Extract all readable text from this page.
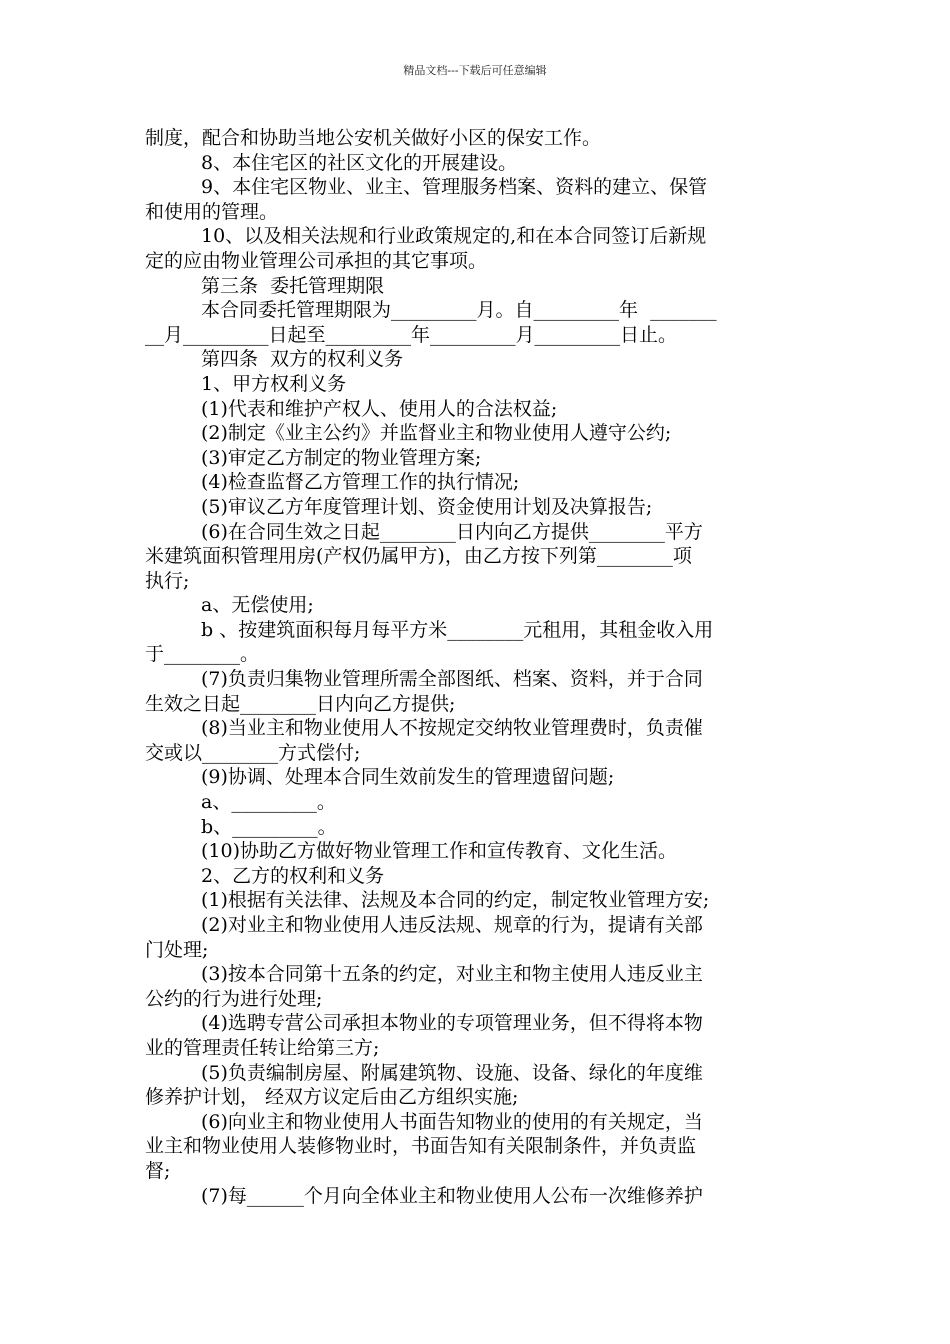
精品文档---下载后可任意编辑

制度，配合和协助当地公安机关做好小区的保安工作。

8、本住宅区的社区文化的开展建设。

9、本住宅区物业、业主、管理服务档案、资料的建立、保管

和使用的管理。

10、以及相关法规和行业政策规定的,和在本合同签订后新规

定的应由物业管理公司承担的其它事项。

第三条  委托管理期限

本合同委托管理期限为_________月。自_________年  _______

__月_________日起至_________年_________月_________日止。

第四条  双方的权利义务

1、甲方权利义务

(1)代表和维护产权人、使用人的合法权益;

(2)制定《业主公约》并监督业主和物业使用人遵守公约;

(3)审定乙方制定的物业管理方案;

(4)检查监督乙方管理工作的执行情况;

(5)审议乙方年度管理计划、资金使用计划及决算报告;

(6)在合同生效之日起________日内向乙方提供________平方

米建筑面积管理用房(产权仍属甲方)，由乙方按下列第________项

执行;

a、无偿使用;

b 、按建筑面积每月每平方米________元租用，其租金收入用

于________。

(7)负责归集物业管理所需全部图纸、档案、资料，并于合同

生效之日起________日内向乙方提供;

(8)当业主和物业使用人不按规定交纳牧业管理费时，负责催

交或以________方式偿付;

(9)协调、处理本合同生效前发生的管理遗留问题;

a、_________。

b、_________。

(10)协助乙方做好物业管理工作和宣传教育、文化生活。

2、乙方的权利和义务

(1)根据有关法律、法规及本合同的约定，制定牧业管理方安;

(2)对业主和物业使用人违反法规、规章的行为，提请有关部

门处理;

(3)按本合同第十五条的约定，对业主和物主使用人违反业主

公约的行为进行处理;

(4)选聘专营公司承担本物业的专项管理业务，但不得将本物

业的管理责任转让给第三方;

(5)负责编制房屋、附属建筑物、设施、设备、绿化的年度维

修养护计划， 经双方议定后由乙方组织实施;

(6)向业主和物业使用人书面告知物业的使用的有关规定，当

业主和物业使用人装修物业时，书面告知有关限制条件，并负责监

督;

(7)每______个月向全体业主和物业使用人公布一次维修养护
